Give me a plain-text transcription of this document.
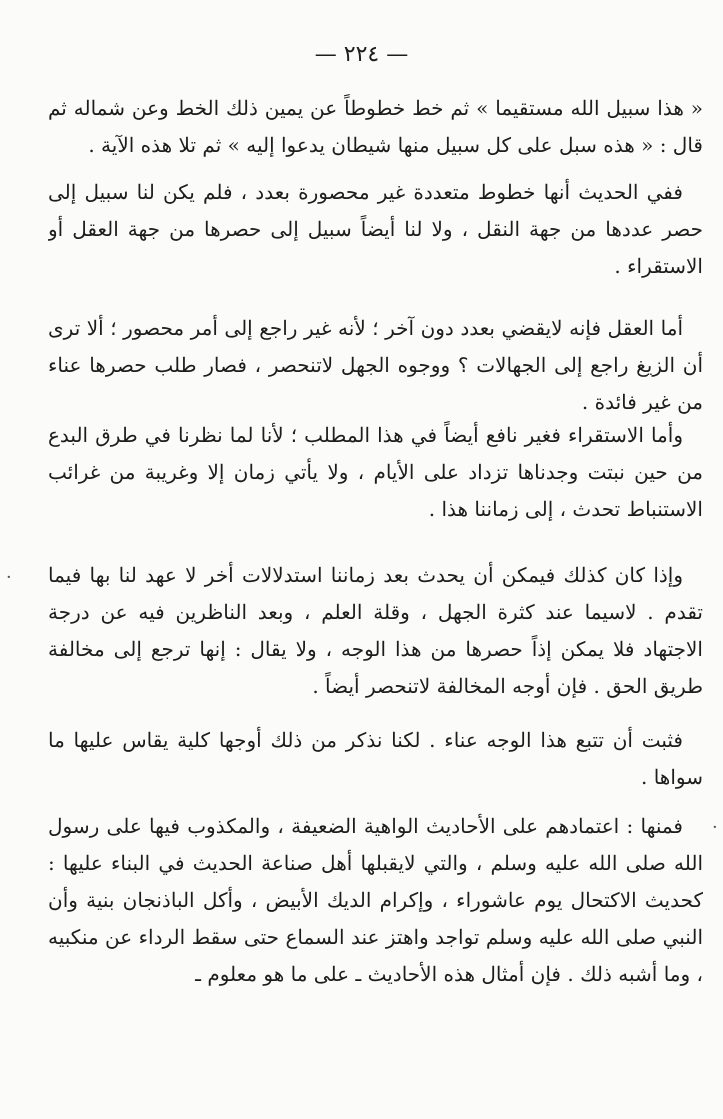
— ٢٢٤ —

« هذا سبيل الله مستقيما » ثم خط خطوطاً عن يمين ذلك الخط وعن شماله ثم قال : « هذه سبل على كل سبيل منها شيطان يدعوا إليه » ثم تلا هذه الآية .

ففي الحديث أنها خطوط متعددة غير محصورة بعدد ، فلم يكن لنا سبيل إلى حصر عددها من جهة النقل ، ولا لنا أيضاً سبيل إلى حصرها من جهة العقل أو الاستقراء .

أما العقل فإنه لايقضي بعدد دون آخر ؛ لأنه غير راجع إلى أمر محصور ؛ ألا ترى أن الزيغ راجع إلى الجهالات ؟ ووجوه الجهل لاتنحصر ، فصار طلب حصرها عناء من غير فائدة .

وأما الاستقراء فغير نافع أيضاً في هذا المطلب ؛ لأنا لما نظرنا في طرق البدع من حين نبتت وجدناها تزداد على الأيام ، ولا يأتي زمان إلا وغريبة من غرائب الاستنباط تحدث ، إلى زماننا هذا .

وإذا كان كذلك فيمكن أن يحدث بعد زماننا استدلالات أخر لا عهد لنا بها فيما تقدم . لاسيما عند كثرة الجهل ، وقلة العلم ، وبعد الناظرين فيه عن درجة الاجتهاد فلا يمكن إذاً حصرها من هذا الوجه ، ولا يقال : إنها ترجع إلى مخالفة طريق الحق . فإن أوجه المخالفة لاتنحصر أيضاً .

فثبت أن تتبع هذا الوجه عناء . لكنا نذكر من ذلك أوجها كلية يقاس عليها ما سواها .

فمنها : اعتمادهم على الأحاديث الواهية الضعيفة ، والمكذوب فيها على رسول الله صلى الله عليه وسلم ، والتي لايقبلها أهل صناعة الحديث في البناء عليها : كحديث الاكتحال يوم عاشوراء ، وإكرام الديك الأبيض ، وأكل الباذنجان بنية وأن النبي صلى الله عليه وسلم تواجد واهتز عند السماع حتى سقط الرداء عن منكبيه ، وما أشبه ذلك . فإن أمثال هذه الأحاديث ـ على ما هو معلوم ـ

·
·
